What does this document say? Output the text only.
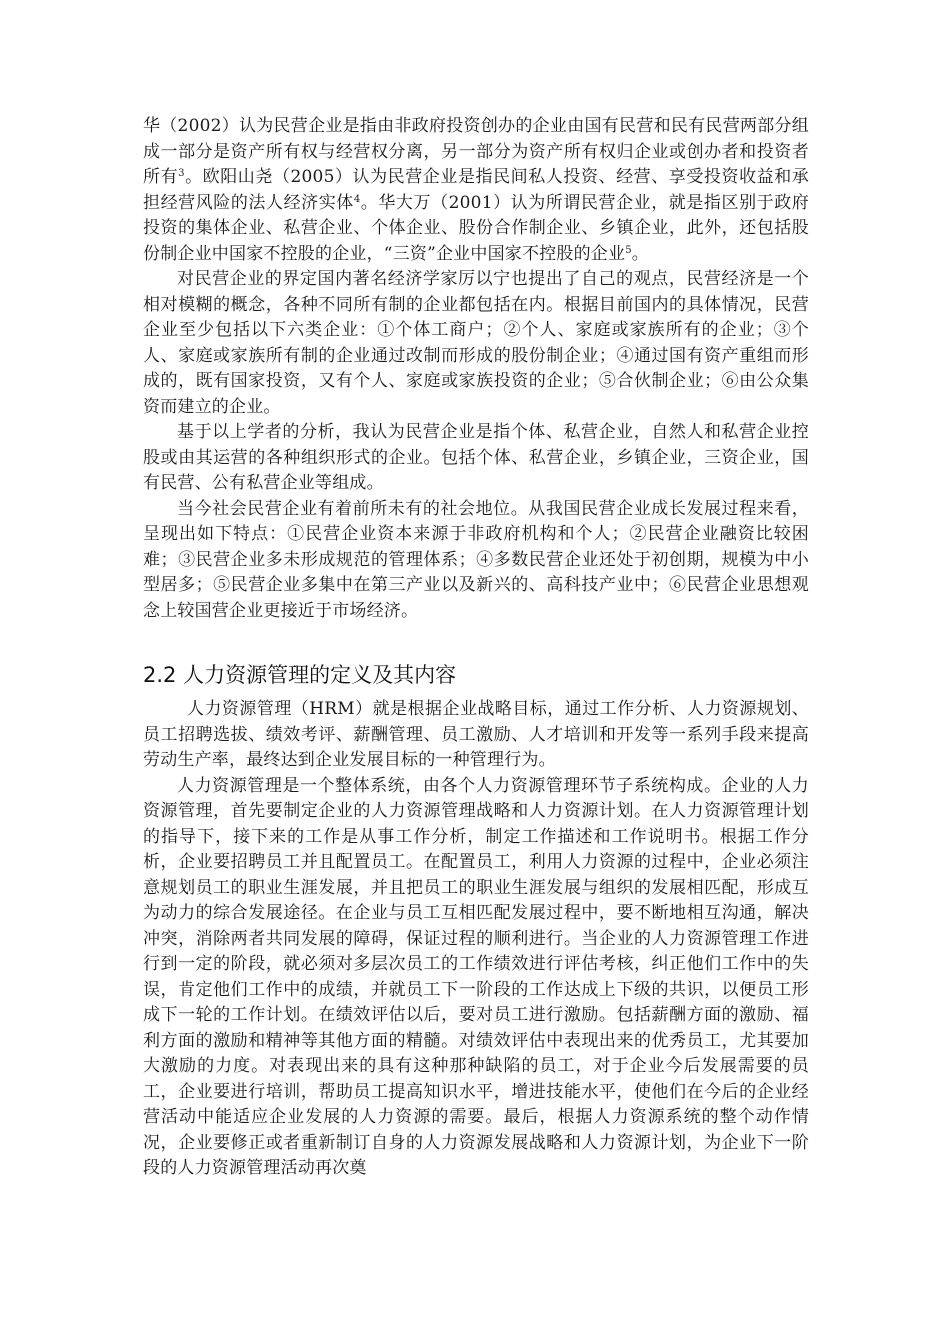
华（2002）认为民营企业是指由非政府投资创办的企业由国有民营和民有民营两部分组成一部分是资产所有权与经营权分离，另一部分为资产所有权归企业或创办者和投资者所有$^3$。欧阳山尧（2005）认为民营企业是指民间私人投资、经营、享受投资收益和承担经营风险的法人经济实体$^4$。华大万（2001）认为所谓民营企业，就是指区别于政府投资的集体企业、私营企业、个体企业、股份合作制企业、乡镇企业，此外，还包括股份制企业中国家不控股的企业，“三资”企业中国家不控股的企业$^5$。

对民营企业的界定国内著名经济学家厉以宁也提出了自己的观点，民营经济是一个相对模糊的概念，各种不同所有制的企业都包括在内。根据目前国内的具体情况，民营企业至少包括以下六类企业：①个体工商户；②个人、家庭或家族所有的企业；③个人、家庭或家族所有制的企业通过改制而形成的股份制企业；④通过国有资产重组而形成的，既有国家投资，又有个人、家庭或家族投资的企业；⑤合伙制企业；⑥由公众集资而建立的企业。

基于以上学者的分析，我认为民营企业是指个体、私营企业，自然人和私营企业控股或由其运营的各种组织形式的企业。包括个体、私营企业，乡镇企业，三资企业，国有民营、公有私营企业等组成。

当今社会民营企业有着前所未有的社会地位。从我国民营企业成长发展过程来看，呈现出如下特点：①民营企业资本来源于非政府机构和个人；②民营企业融资比较困难；③民营企业多未形成规范的管理体系；④多数民营企业还处于初创期，规模为中小型居多；⑤民营企业多集中在第三产业以及新兴的、高科技产业中；⑥民营企业思想观念上较国营企业更接近于市场经济。

2.2 人力资源管理的定义及其内容

人力资源管理（HRM）就是根据企业战略目标，通过工作分析、人力资源规划、员工招聘选拔、绩效考评、薪酬管理、员工激励、人才培训和开发等一系列手段来提高劳动生产率，最终达到企业发展目标的一种管理行为。

人力资源管理是一个整体系统，由各个人力资源管理环节子系统构成。企业的人力资源管理，首先要制定企业的人力资源管理战略和人力资源计划。在人力资源管理计划的指导下，接下来的工作是从事工作分析，制定工作描述和工作说明书。根据工作分析，企业要招聘员工并且配置员工。在配置员工，利用人力资源的过程中，企业必须注意规划员工的职业生涯发展，并且把员工的职业生涯发展与组织的发展相匹配，形成互为动力的综合发展途径。在企业与员工互相匹配发展过程中，要不断地相互沟通，解决冲突，消除两者共同发展的障碍，保证过程的顺利进行。当企业的人力资源管理工作进行到一定的阶段，就必须对多层次员工的工作绩效进行评估考核，纠正他们工作中的失误，肯定他们工作中的成绩，并就员工下一阶段的工作达成上下级的共识，以便员工形成下一轮的工作计划。在绩效评估以后，要对员工进行激励。包括薪酬方面的激励、福利方面的激励和精神等其他方面的精髓。对绩效评估中表现出来的优秀员工，尤其要加大激励的力度。对表现出来的具有这种那种缺陷的员工，对于企业今后发展需要的员工，企业要进行培训，帮助员工提高知识水平，增进技能水平，使他们在今后的企业经营活动中能适应企业发展的人力资源的需要。最后，根据人力资源系统的整个动作情况，企业要修正或者重新制订自身的人力资源发展战略和人力资源计划，为企业下一阶段的人力资源管理活动再次奠
